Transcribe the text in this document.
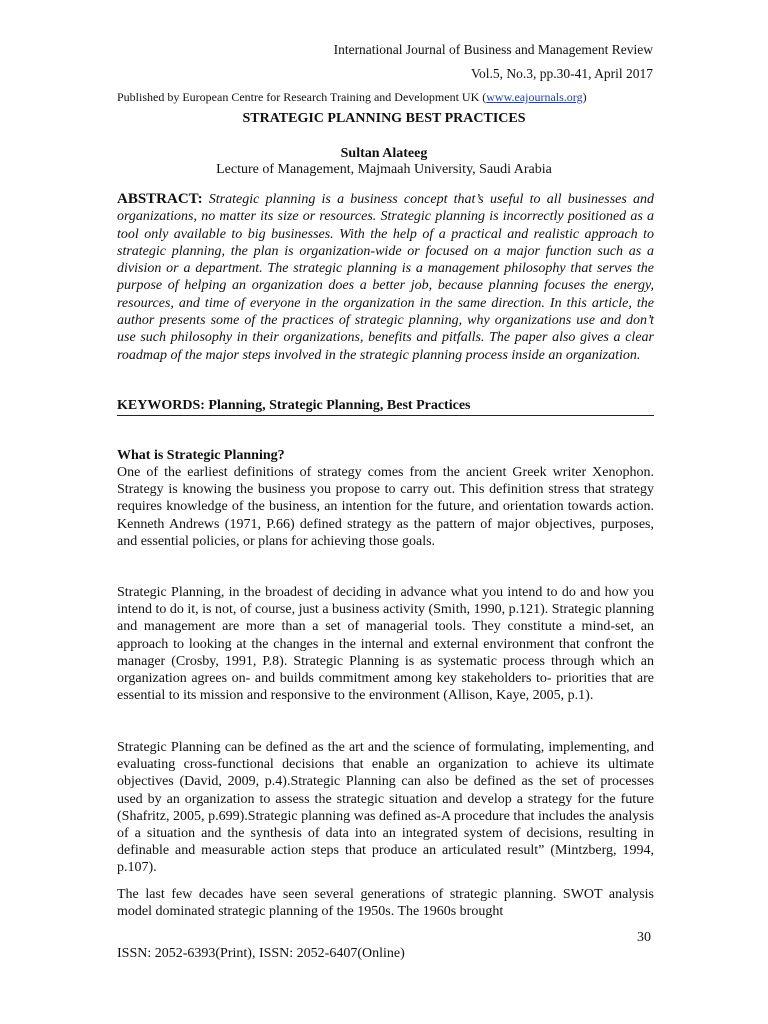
International Journal of Business and Management Review
Vol.5, No.3, pp.30-41, April 2017
Published by European Centre for Research Training and Development UK (www.eajournals.org)
STRATEGIC PLANNING BEST PRACTICES
Sultan Alateeg
Lecture of Management, Majmaah University, Saudi Arabia
ABSTRACT: Strategic planning is a business concept that’s useful to all businesses and organizations, no matter its size or resources. Strategic planning is incorrectly positioned as a tool only available to big businesses. With the help of a practical and realistic approach to strategic planning, the plan is organization-wide or focused on a major function such as a division or a department. The strategic planning is a management philosophy that serves the purpose of helping an organization does a better job, because planning focuses the energy, resources, and time of everyone in the organization in the same direction. In this article, the author presents some of the practices of strategic planning, why organizations use and don’t use such philosophy in their organizations, benefits and pitfalls. The paper also gives a clear roadmap of the major steps involved in the strategic planning process inside an organization.
KEYWORDS: Planning, Strategic Planning, Best Practices
What is Strategic Planning?
One of the earliest definitions of strategy comes from the ancient Greek writer Xenophon. Strategy is knowing the business you propose to carry out. This definition stress that strategy requires knowledge of the business, an intention for the future, and orientation towards action. Kenneth Andrews (1971, P.66) defined strategy as the pattern of major objectives, purposes, and essential policies, or plans for achieving those goals.
Strategic Planning, in the broadest of deciding in advance what you intend to do and how you intend to do it, is not, of course, just a business activity (Smith, 1990, p.121). Strategic planning and management are more than a set of managerial tools. They constitute a mind-set, an approach to looking at the changes in the internal and external environment that confront the manager (Crosby, 1991, P.8). Strategic Planning is as systematic process through which an organization agrees on- and builds commitment among key stakeholders to- priorities that are essential to its mission and responsive to the environment (Allison, Kaye, 2005, p.1).
Strategic Planning can be defined as the art and the science of formulating, implementing, and evaluating cross-functional decisions that enable an organization to achieve its ultimate objectives (David, 2009, p.4).Strategic Planning can also be defined as the set of processes used by an organization to assess the strategic situation and develop a strategy for the future (Shafritz, 2005, p.699).Strategic planning was defined as-A procedure that includes the analysis of a situation and the synthesis of data into an integrated system of decisions, resulting in definable and measurable action steps that produce an articulated result” (Mintzberg, 1994, p.107).
The last few decades have seen several generations of strategic planning. SWOT analysis model dominated strategic planning of the 1950s. The 1960s brought
30
ISSN: 2052-6393(Print), ISSN: 2052-6407(Online)
